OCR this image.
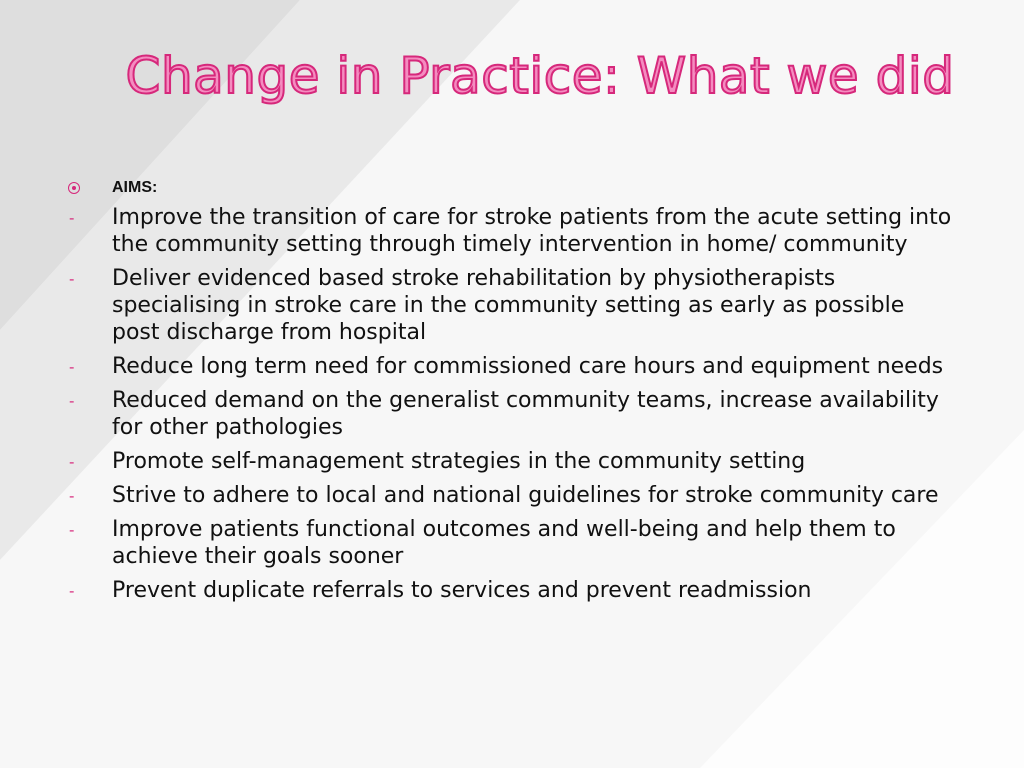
Change in Practice: What we did
AIMS:
- Improve the transition of care for stroke patients from the acute setting into the community setting through timely intervention in home/ community
- Deliver evidenced based stroke rehabilitation by physiotherapists specialising in stroke care in the community setting as early as possible post discharge from hospital
- Reduce long term need for commissioned care hours and equipment needs
- Reduced demand on the generalist community teams, increase availability for other pathologies
- Promote self-management strategies in the community setting
- Strive to adhere to local and national guidelines for stroke community care
- Improve patients functional outcomes and well-being and help them to achieve their goals sooner
- Prevent duplicate referrals to services and prevent readmission
